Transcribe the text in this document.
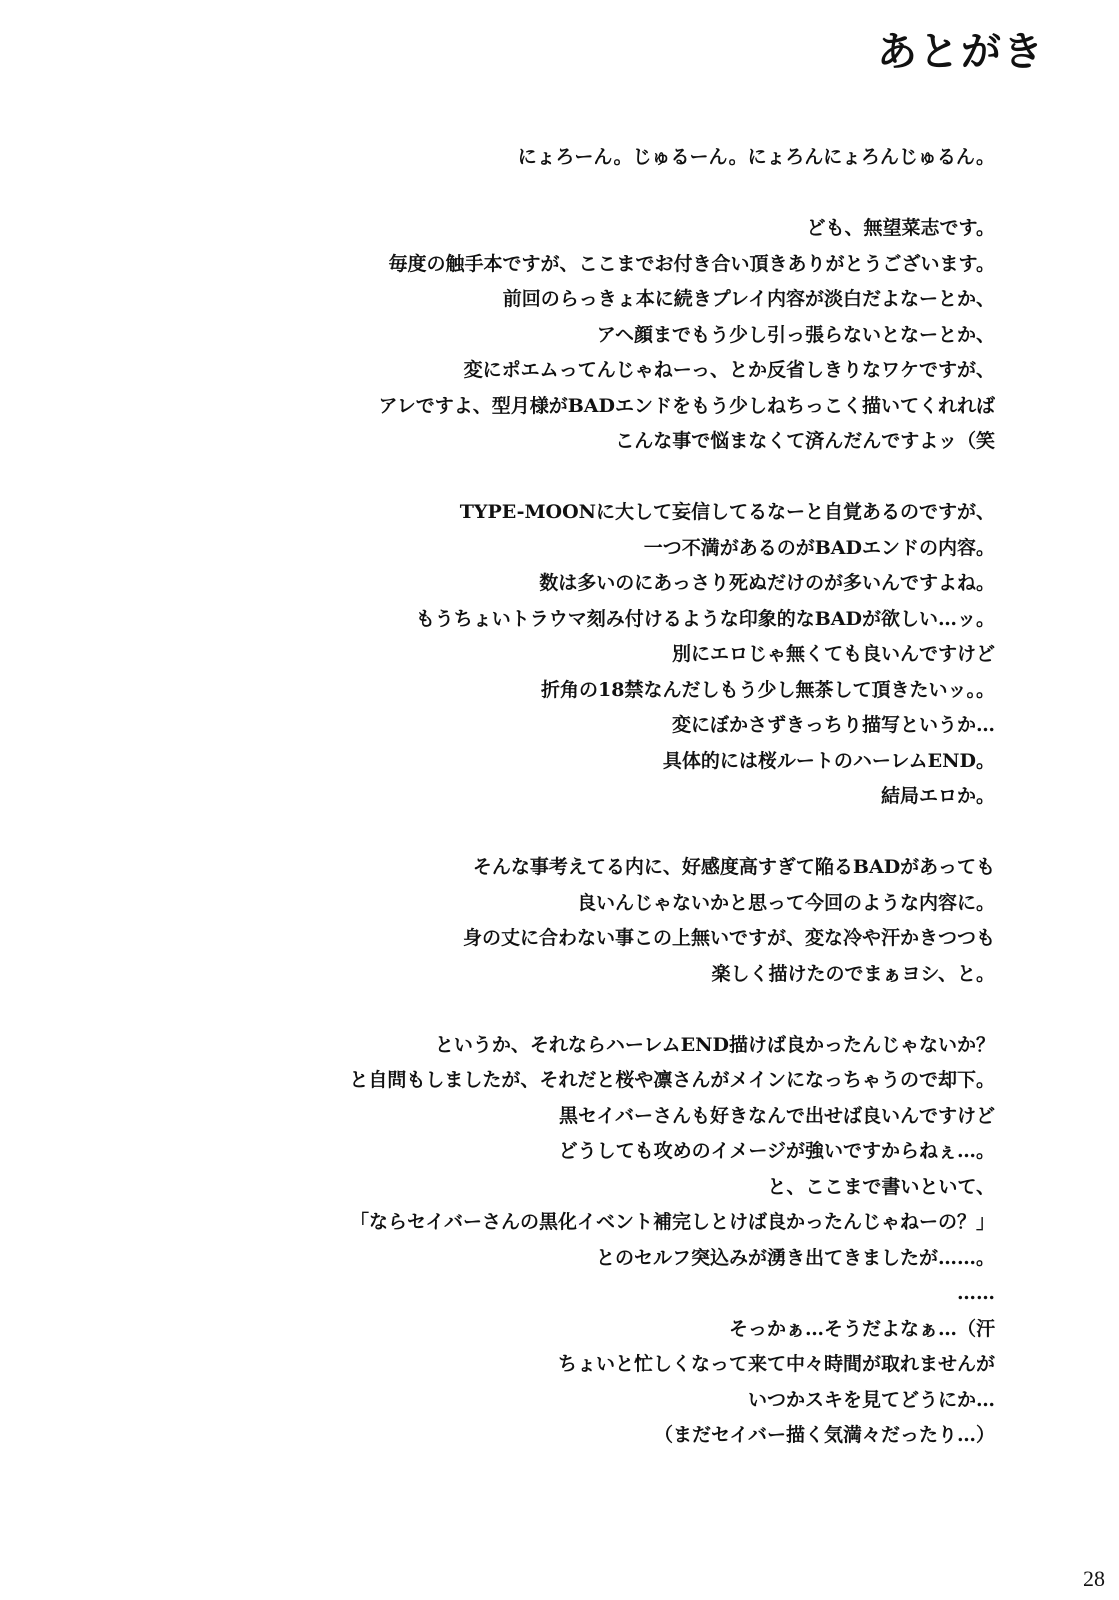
あとがき
にょろーん。じゅるーん。にょろんにょろんじゅるん。
ども、無望菜志です。
毎度の触手本ですが、ここまでお付き合い頂きありがとうございます。
前回のらっきょ本に続きプレイ内容が淡白だよなーとか、
アヘ顔までもう少し引っ張らないとなーとか、
変にポエムってんじゃねーっ、とか反省しきりなワケですが、
アレですよ、型月様がBADエンドをもう少しねちっこく描いてくれれば
こんな事で悩まなくて済んだんですよッ（笑
TYPE-MOONに大して妄信してるなーと自覚あるのですが、
一つ不満があるのがBADエンドの内容。
数は多いのにあっさり死ぬだけのが多いんですよね。
もうちょいトラウマ刻み付けるような印象的なBADが欲しい…ッ。
別にエロじゃ無くても良いんですけど
折角の18禁なんだしもう少し無茶して頂きたいッ。。
変にぼかさずきっちり描写というか…
具体的には桜ルートのハーレムEND。
結局エロか。
そんな事考えてる内に、好感度高すぎて陥るBADがあっても
良いんじゃないかと思って今回のような内容に。
身の丈に合わない事この上無いですが、変な冷や汗かきつつも
楽しく描けたのでまぁヨシ、と。
というか、それならハーレムEND描けば良かったんじゃないか？
と自問もしましたが、それだと桜や凛さんがメインになっちゃうので却下。
黒セイバーさんも好きなんで出せば良いんですけど
どうしても攻めのイメージが強いですからねぇ…。
と、ここまで書いといて、
「ならセイバーさんの黒化イベント補完しとけば良かったんじゃねーの？」
とのセルフ突込みが湧き出てきましたが……。
……
そっかぁ…そうだよなぁ…（汗
ちょいと忙しくなって来て中々時間が取れませんが
いつかスキを見てどうにか…
（まだセイバー描く気満々だったり…）
28
